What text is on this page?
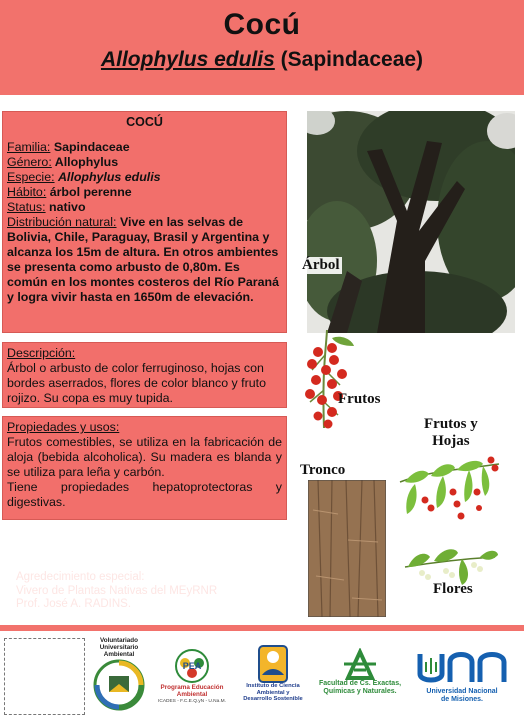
Cocú
Allophylus edulis (Sapindaceae)
COCÚ
Familia: Sapindaceae
Género: Allophylus
Especie: Allophylus edulis
Hábito: árbol perenne
Status: nativo
Distribución natural: Vive en las selvas de Bolivia, Chile, Paraguay, Brasil y Argentina y alcanza los 15m de altura. En otros ambientes se presenta como arbusto de 0,80m. Es común en los montes costeros del Río Paraná y logra vivir hasta en 1650m de elevación.
Descripción:
Árbol o arbusto de color ferruginoso, hojas con bordes aserrados, flores de color blanco y fruto rojizo. Su copa es muy tupida.
Propiedades y usos:
Frutos comestibles, se utiliza en la fabricación de aloja (bebida alcoholica). Su madera es blanda y se utiliza para leña y carbón.
Tiene propiedades hepatoprotectoras y digestivas.
Árbol
Frutos
Frutos y
Hojas
Tronco
Flores
Agredecimiento especial:
Vivero de Plantas Nativas del MEyRNR
Prof. José A. RADINS.
Voluntariado
Universitario
Ambiental
PEA
Programa Educación
Ambiental
ICADES - F.C.E.Q.yN - U.Na.M.
Instituto de Ciencia
Ambiental y
Desarrollo Sostenible
Facultad de Cs. Exactas,
Químicas y Naturales.	Universidad Nacional
de Misiones.
